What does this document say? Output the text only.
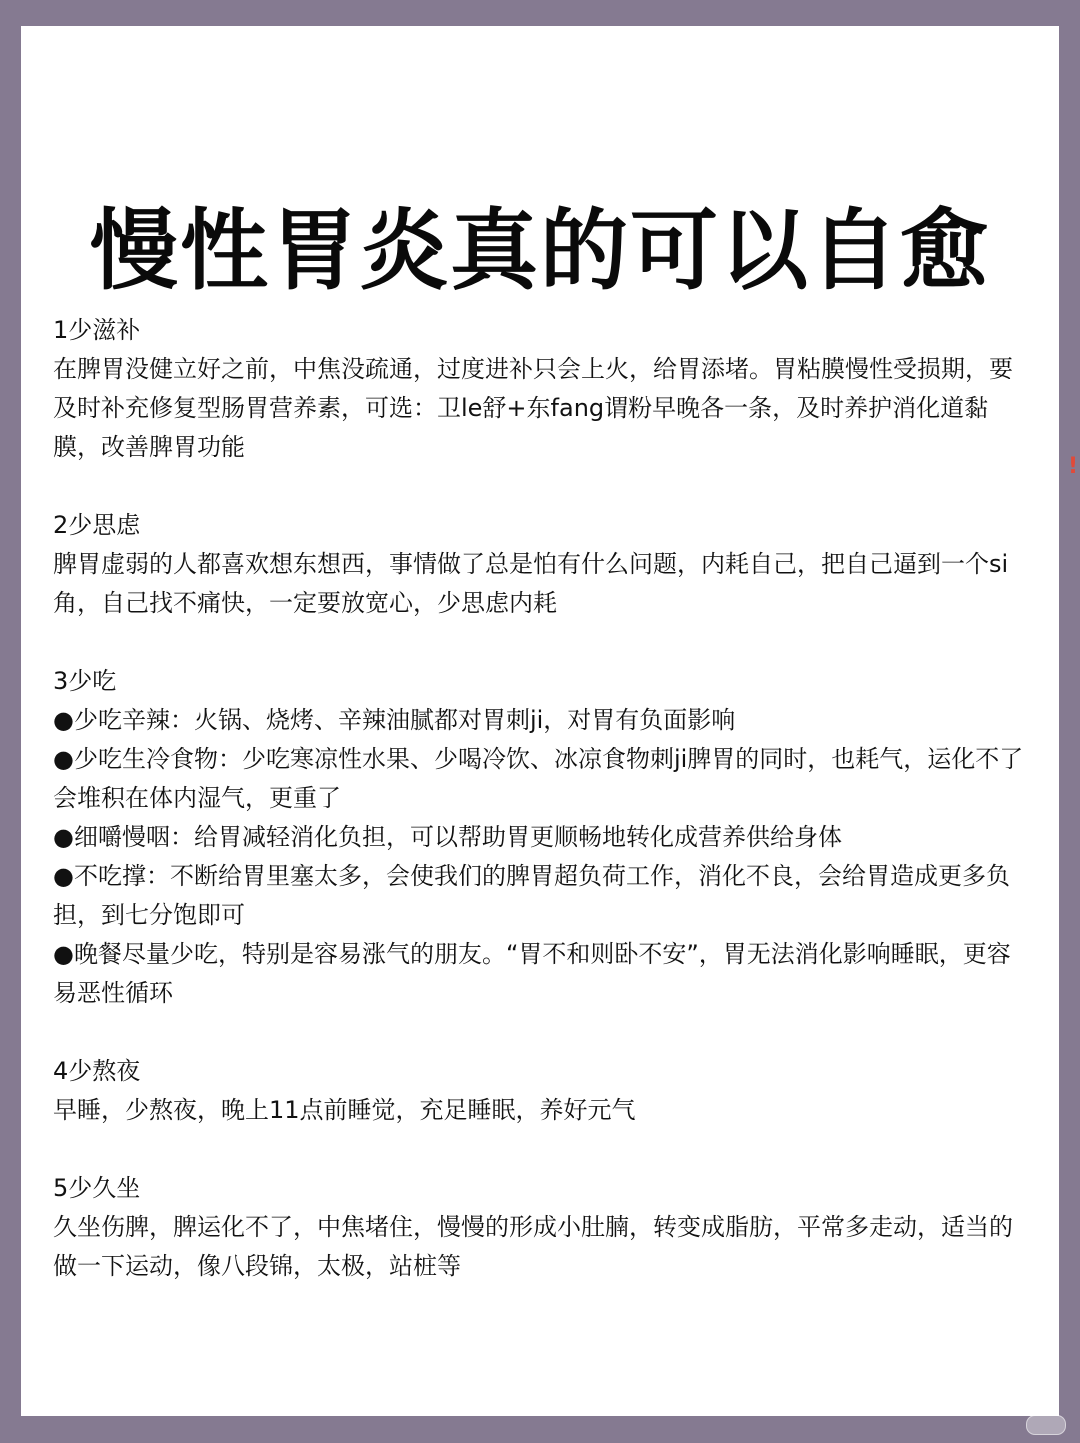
慢性胃炎真的可以自愈
1少滋补
在脾胃没健立好之前，中焦没疏通，过度进补只会上火，给胃添堵。胃粘膜慢性受损期，要及时补充修复型肠胃营养素，可选：卫le舒+东fang谓粉早晚各一条，及时养护消化道黏膜，改善脾胃功能
2少思虑
脾胃虚弱的人都喜欢想东想西，事情做了总是怕有什么问题，内耗自己，把自己逼到一个si角，自己找不痛快，一定要放宽心，少思虑内耗
3少吃
●少吃辛辣：火锅、烧烤、辛辣油腻都对胃刺ji，对胃有负面影响
●少吃生冷食物：少吃寒凉性水果、少喝冷饮、冰凉食物刺ji脾胃的同时，也耗气，运化不了会堆积在体内湿气，更重了
●细嚼慢咽：给胃减轻消化负担，可以帮助胃更顺畅地转化成营养供给身体
●不吃撑：不断给胃里塞太多，会使我们的脾胃超负荷工作，消化不良，会给胃造成更多负担，到七分饱即可
●晚餐尽量少吃，特别是容易涨气的朋友。“胃不和则卧不安”，胃无法消化影响睡眠，更容易恶性循环
4少熬夜
早睡，少熬夜，晚上11点前睡觉，充足睡眠，养好元气
5少久坐
久坐伤脾，脾运化不了，中焦堵住，慢慢的形成小肚腩，转变成脂肪，平常多走动，适当的做一下运动，像八段锦，太极，站桩等
!
